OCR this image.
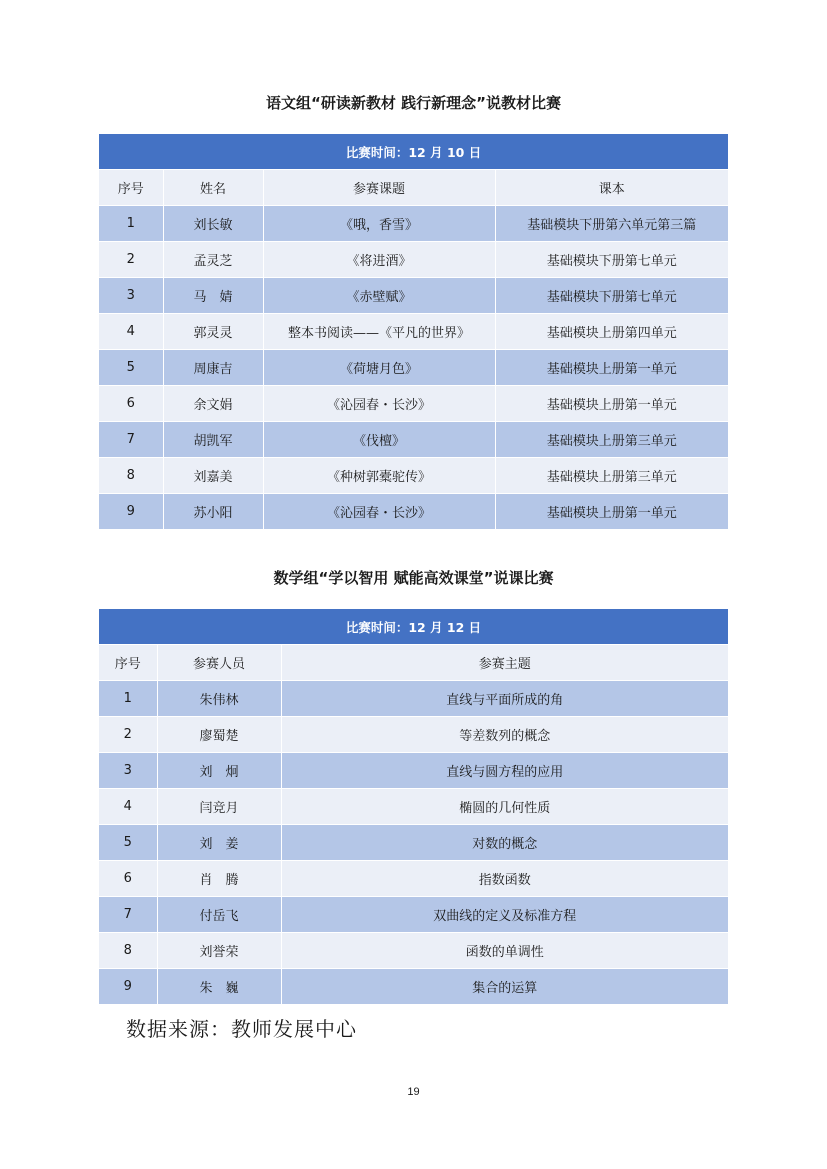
语文组“研读新教材 践行新理念”说教材比赛
比赛时间：12 月 10 日			
序号	姓名	参赛课题	课本
1	刘长敏	《哦，香雪》	基础模块下册第六单元第三篇
2	孟灵芝	《将进酒》	基础模块下册第七单元
3	马　婧	《赤壁赋》	基础模块下册第七单元
4	郭灵灵	整本书阅读——《平凡的世界》	基础模块上册第四单元
5	周康吉	《荷塘月色》	基础模块上册第一单元
6	余文娟	《沁园春・长沙》	基础模块上册第一单元
7	胡凯军	《伐檀》	基础模块上册第三单元
8	刘嘉美	《种树郭橐驼传》	基础模块上册第三单元
9	苏小阳	《沁园春・长沙》	基础模块上册第一单元
数学组“学以智用 赋能高效课堂”说课比赛
比赛时间：12 月 12 日		
序号	参赛人员	参赛主题
1	朱伟林	直线与平面所成的角
2	廖蜀楚	等差数列的概念
3	刘　炯	直线与圆方程的应用
4	闫竞月	椭圆的几何性质
5	刘　姜	对数的概念
6	肖　腾	指数函数
7	付岳飞	双曲线的定义及标准方程
8	刘誉荣	函数的单调性
9	朱　巍	集合的运算
数据来源：教师发展中心
19
